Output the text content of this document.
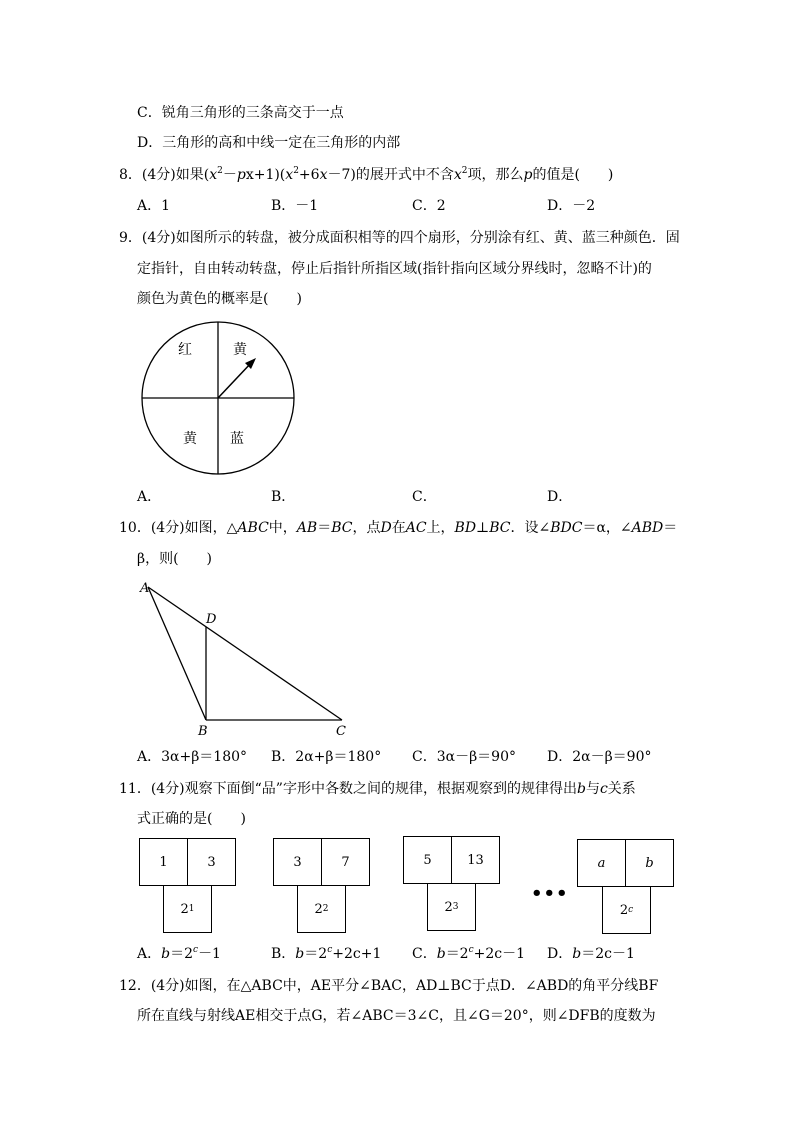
C．锐角三角形的三条高交于一点
D．三角形的高和中线一定在三角形的内部
8．(4分)如果$(x^2-px+1)(x^2+6x-7)$的展开式中不含$x^2$项，那么p的值是(　　)
A．1	B．－1	C．2	D．－2
9．(4分)如图所示的转盘，被分成面积相等的四个扇形，分别涂有红、黄、蓝三种颜色．固
定指针，自由转动转盘，停止后指针所指区域(指针指向区域分界线时，忽略不计)的
颜色为黄色的概率是(　　)
红	黄
黄 蓝
A．	B．	C．	D．
10．(4分)如图，△ABC中，AB＝BC，点D在AC上，BD⊥BC．设∠BDC＝α，∠ABD＝
β，则(　　)
A
D
B	C
A．3α+β＝180° B．2α+β＝180° C．3α－β＝90° D．2α－β＝90°
11．(4分)观察下面倒“品”字形中各数之间的规律，根据观察到的规律得出b与c关系
式正确的是(　　)
1	3
2 1
3	7
2 2
5	13
2 3
•••
a	b
2 c
A．$b=2^c-1$	B．$b=2^c+2c+1$ C．$b=2^c+2c-1$ D．b＝2c－1
12．(4分)如图，在△ABC中，AE平分∠BAC，AD⊥BC于点D．∠ABD的角平分线BF
所在直线与射线AE相交于点G，若∠ABC＝3∠C，且∠G＝20°，则∠DFB的度数为
